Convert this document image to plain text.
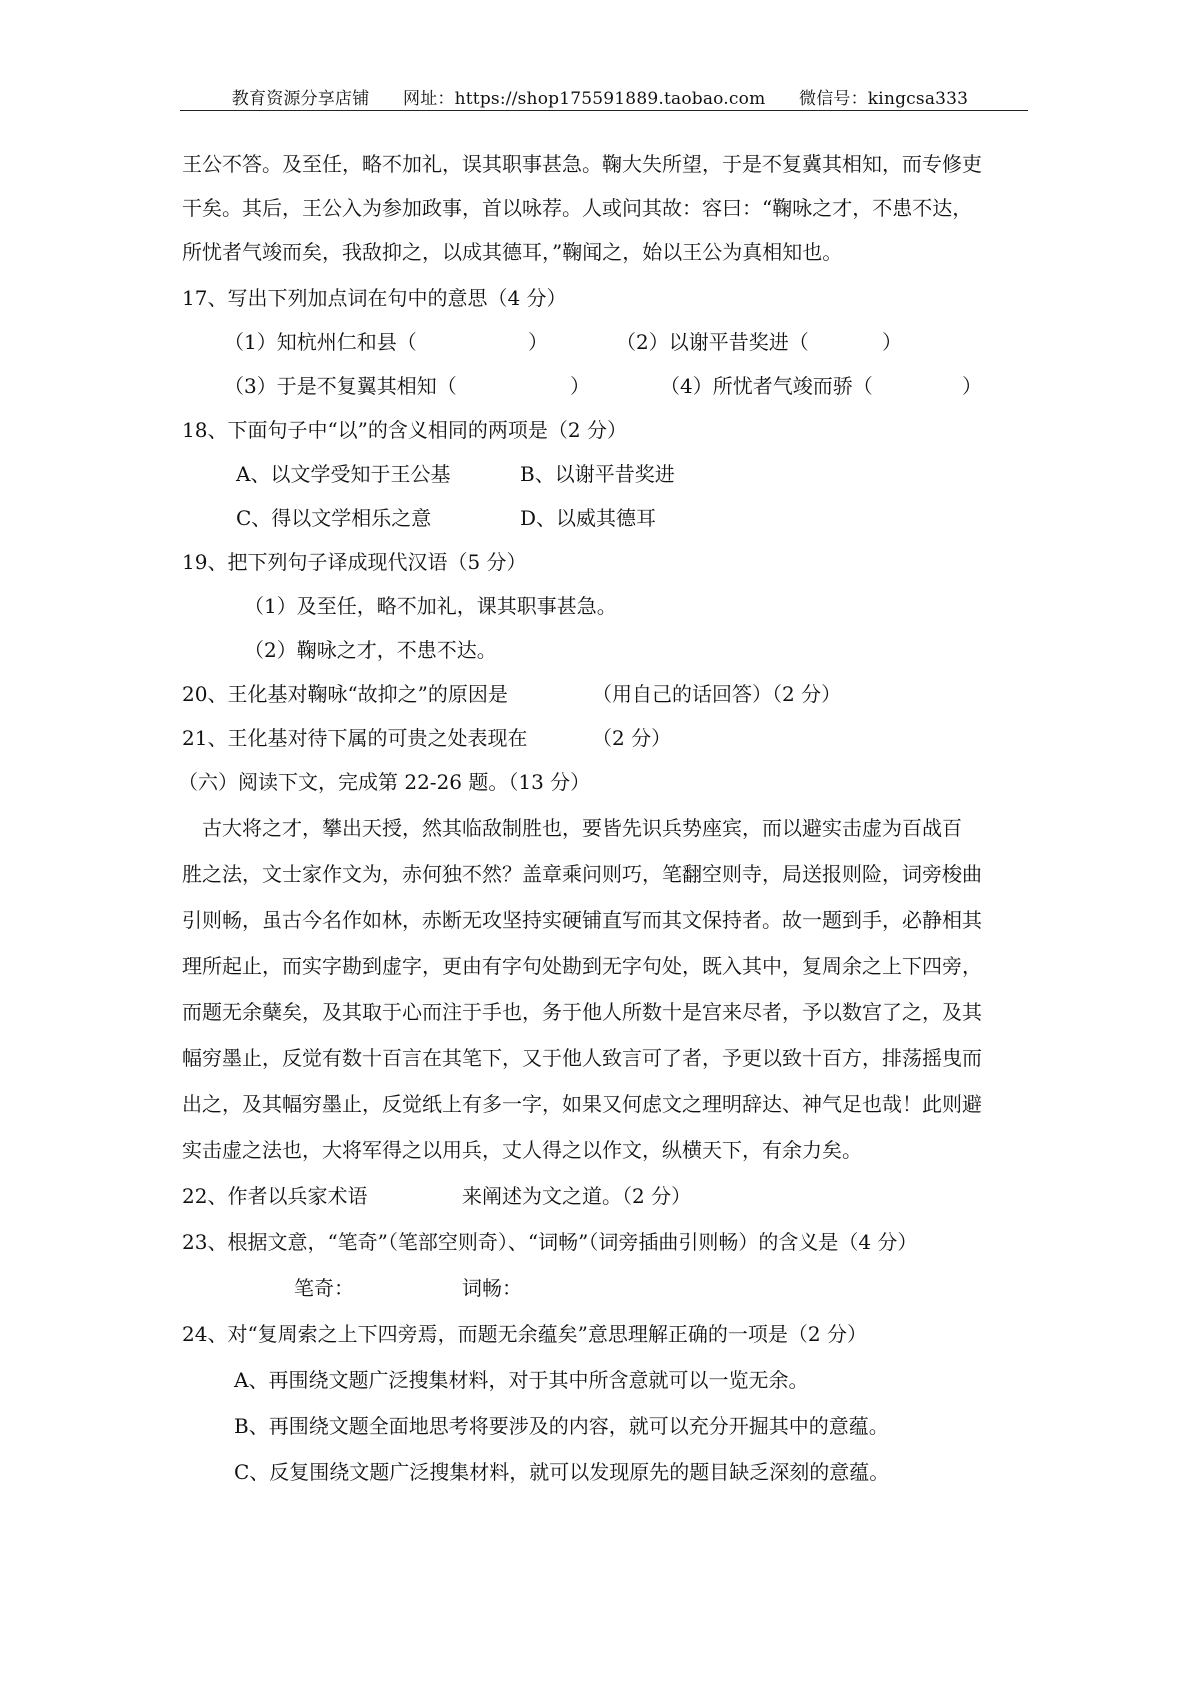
教育资源分享店铺 网址：https://shop175591889.taobao.com 微信号：kingcsa333
王公不答。及至任，略不加礼，误其职事甚急。鞠大失所望，于是不复冀其相知，而专修吏
干矣。其后，王公入为参加政事，首以咏荐。人或问其故：容曰：“鞠咏之才，不患不达，
所忧者气竣而矣，我敌抑之，以成其德耳，”鞠闻之，始以王公为真相知也。
17、写出下列加点词在句中的意思（4 分）
（1）知杭州仁和县（	）	（2）以谢平昔奖进（	）
（3）于是不复翼其相知（	）	（4）所忧者气竣而骄（	）
18、下面句子中“以”的含义相同的两项是（2 分）
A、以文学受知于王公基	B、以谢平昔奖进
C、得以文学相乐之意	D、以威其德耳
19、把下列句子译成现代汉语（5 分）
（1）及至任，略不加礼，课其职事甚急。
（2）鞠咏之才，不患不达。
20、王化基对鞠咏“故抑之”的原因是	（用自己的话回答）（2 分）
21、王化基对待下属的可贵之处表现在	（2 分）
（六）阅读下文，完成第 22-26 题。（13 分）
古大将之才，攀出天授，然其临敌制胜也，要皆先识兵势座宾，而以避实击虚为百战百
胜之法，文士家作文为，赤何独不然？盖章乘问则巧，笔翻空则寺，局送报则险，词旁梭曲
引则畅，虽古今名作如林，赤断无攻坚持实硬铺直写而其文保持者。故一题到手，必静相其
理所起止，而实字勘到虚字，更由有字句处勘到无字句处，既入其中，复周余之上下四旁，
而题无余蘖矣，及其取于心而注于手也，务于他人所数十是宫来尽者，予以数宫了之，及其
幅穷墨止，反觉有数十百言在其笔下，又于他人致言可了者，予更以致十百方，排荡摇曳而
出之，及其幅穷墨止，反觉纸上有多一字，如果又何虑文之理明辞达、神气足也哉！此则避
实击虚之法也，大将军得之以用兵，丈人得之以作文，纵横天下，有余力矣。
22、作者以兵家术语	来阐述为文之道。（2 分）
23、根据文意，“笔奇”（笔部空则奇）、“词畅”（词旁插曲引则畅）的含义是（4 分）
笔奇：	词畅：
24、对“复周索之上下四旁焉，而题无余蕴矣”意思理解正确的一项是（2 分）
A、再围绕文题广泛搜集材料，对于其中所含意就可以一览无余。
B、再围绕文题全面地思考将要涉及的内容，就可以充分开掘其中的意蕴。
C、反复围绕文题广泛搜集材料，就可以发现原先的题目缺乏深刻的意蕴。
